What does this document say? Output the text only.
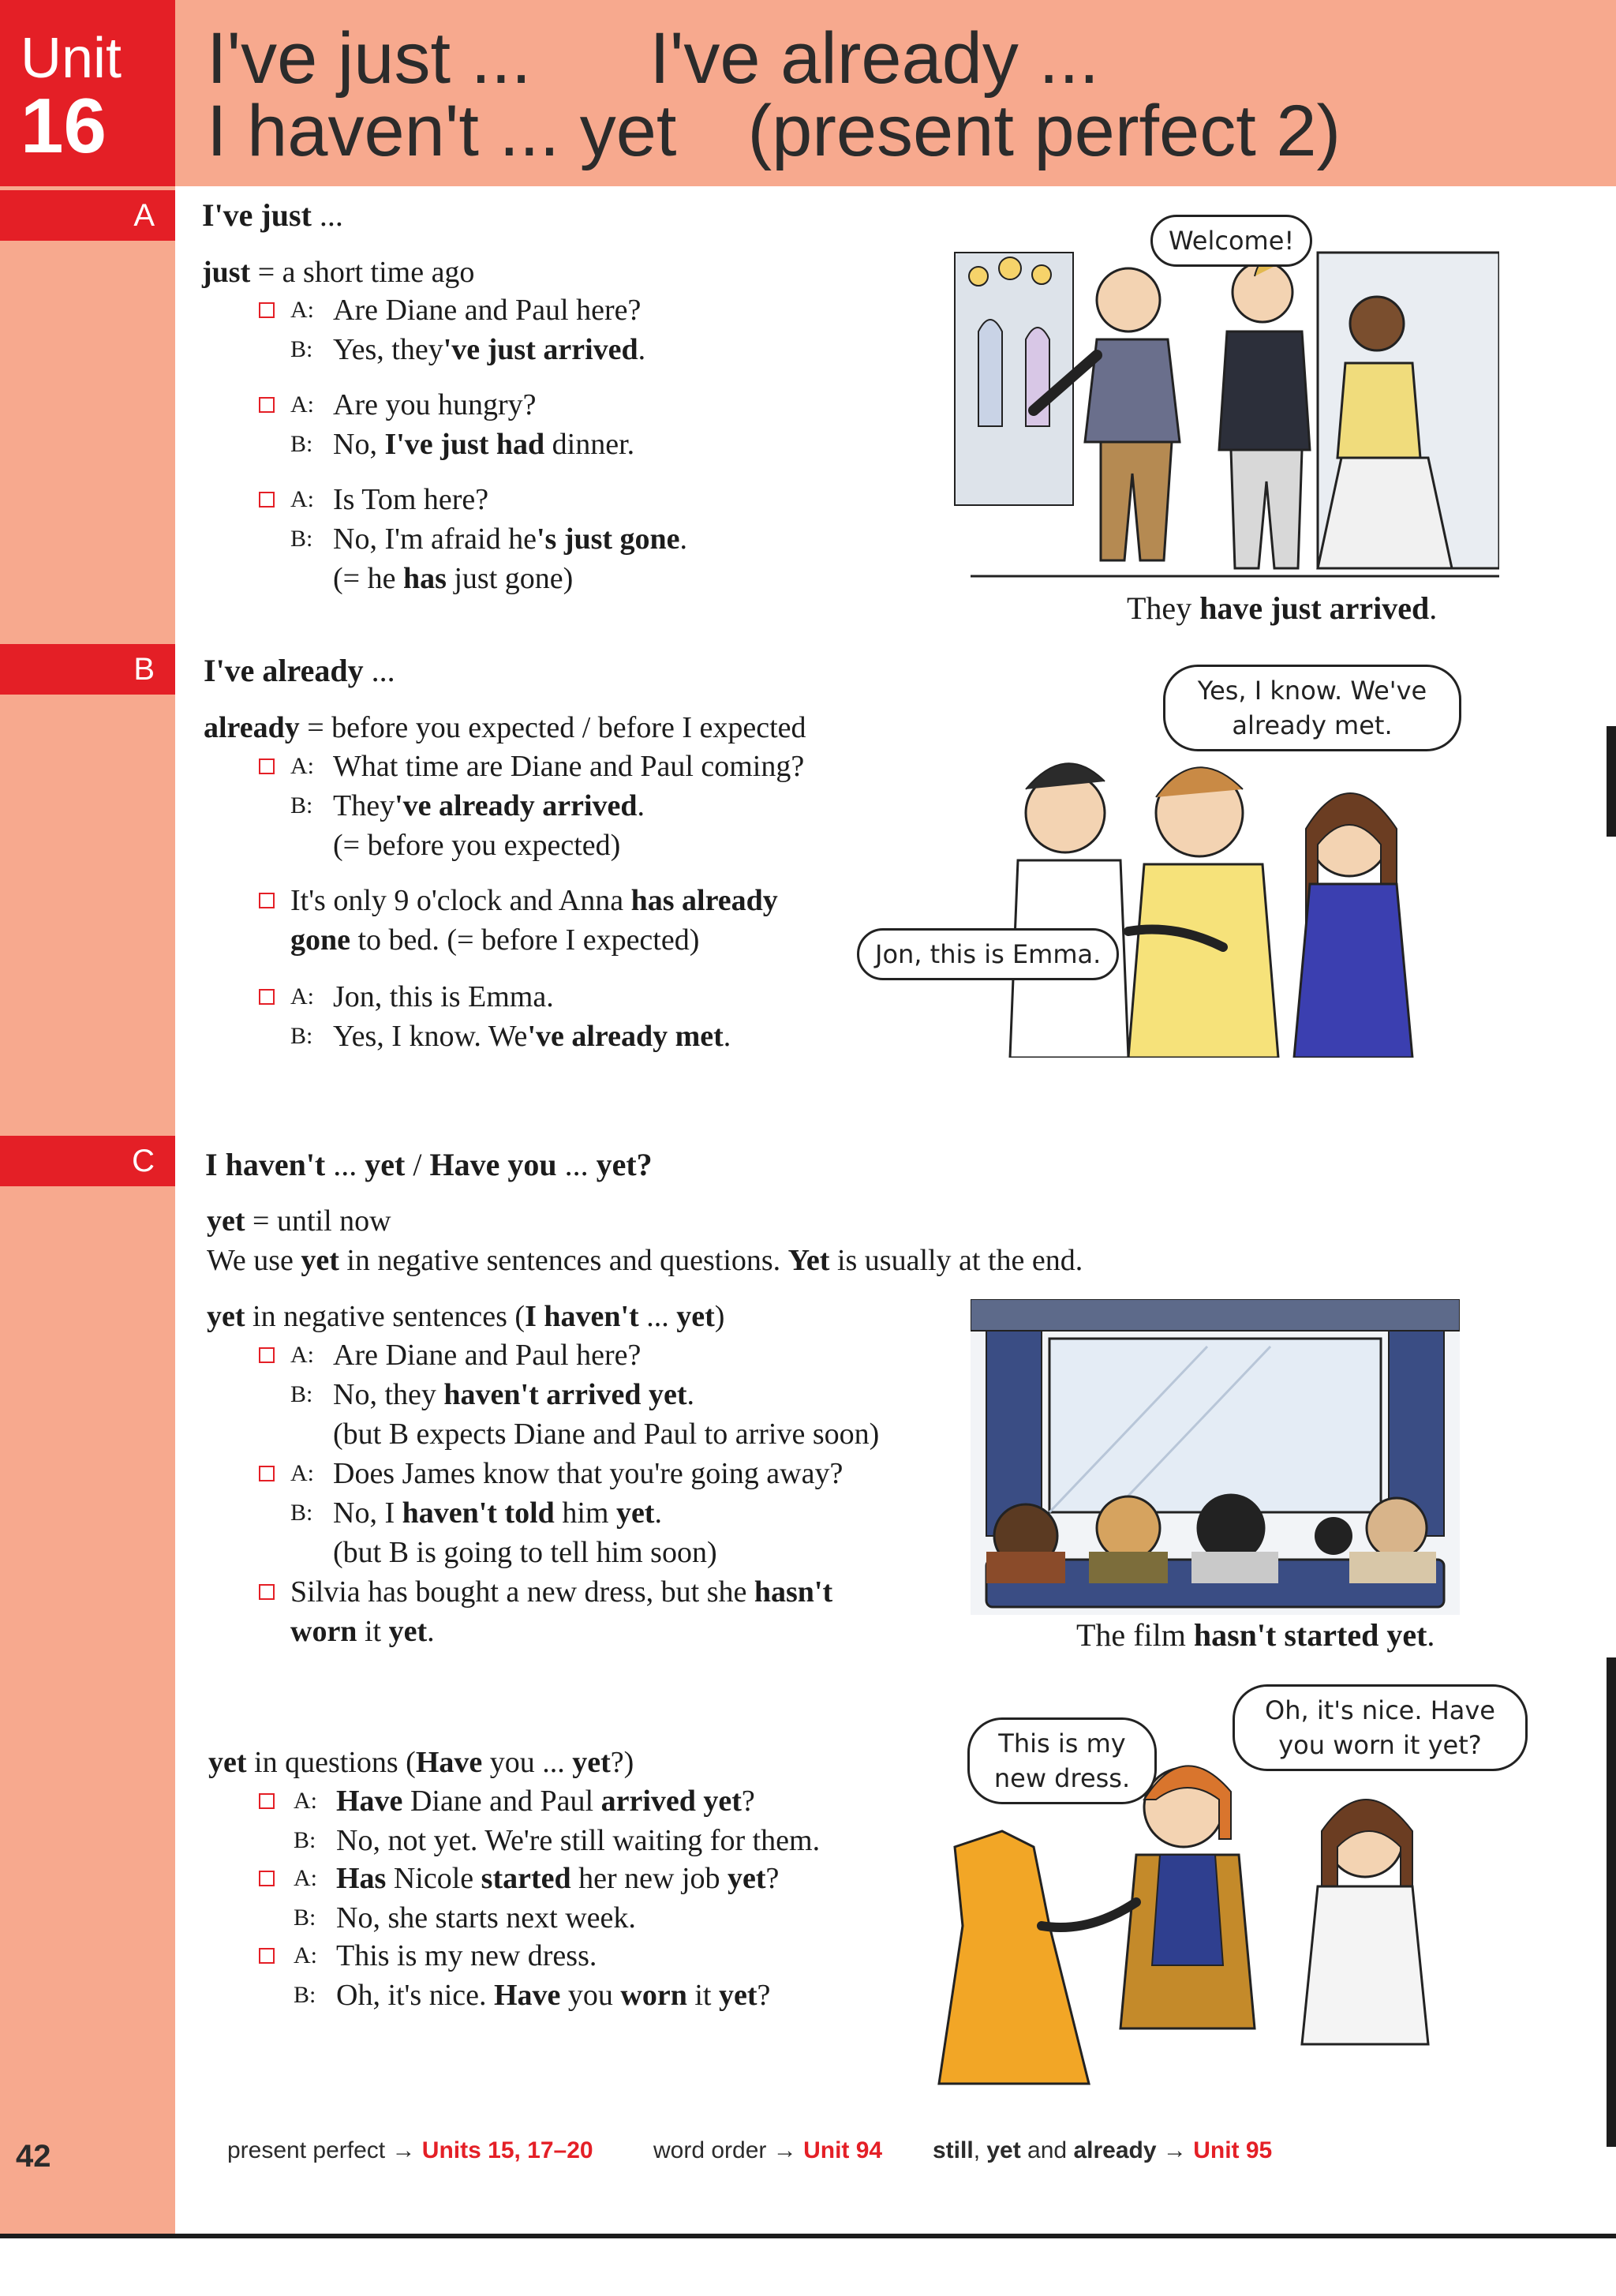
Unit
16
I've just ... I've already ...
I haven't ... yet (present perfect 2)
A	I've just ...
just = a short time ago
A: Are Diane and Paul here?
B: Yes, they've just arrived.
A: Are you hungry?
B: No, I've just had dinner.
A: Is Tom here?
B: No, I'm afraid he's just gone.
(= he has just gone)
Welcome!
They have just arrived.
B	I've already ...
already = before you expected / before I expected
A: What time are Diane and Paul coming?
B: They've already arrived.
(= before you expected)
It's only 9 o'clock and Anna has already
gone to bed. (= before I expected)
A: Jon, this is Emma.
B: Yes, I know. We've already met.
Jon, this is Emma.
Yes, I know. We've already met.
C	I haven't ... yet / Have you ... yet?
yet = until now
We use yet in negative sentences and questions. Yet is usually at the end.
yet in negative sentences (I haven't ... yet)
A: Are Diane and Paul here?
B: No, they haven't arrived yet.
(but B expects Diane and Paul to arrive soon)
A: Does James know that you're going away?
B: No, I haven't told him yet.
(but B is going to tell him soon)
Silvia has bought a new dress, but she hasn't
worn it yet.	The film hasn't started yet.
yet in questions (Have you ... yet?)
A: Have Diane and Paul arrived yet?
B: No, not yet. We're still waiting for them.
A: Has Nicole started her new job yet?
B: No, she starts next week.
A: This is my new dress.
B: Oh, it's nice. Have you worn it yet?
This is my new dress.
Oh, it's nice. Have you worn it yet?
42	present perfect → Units 15, 17–20	word order → Unit 94 still, yet and already → Unit 95
